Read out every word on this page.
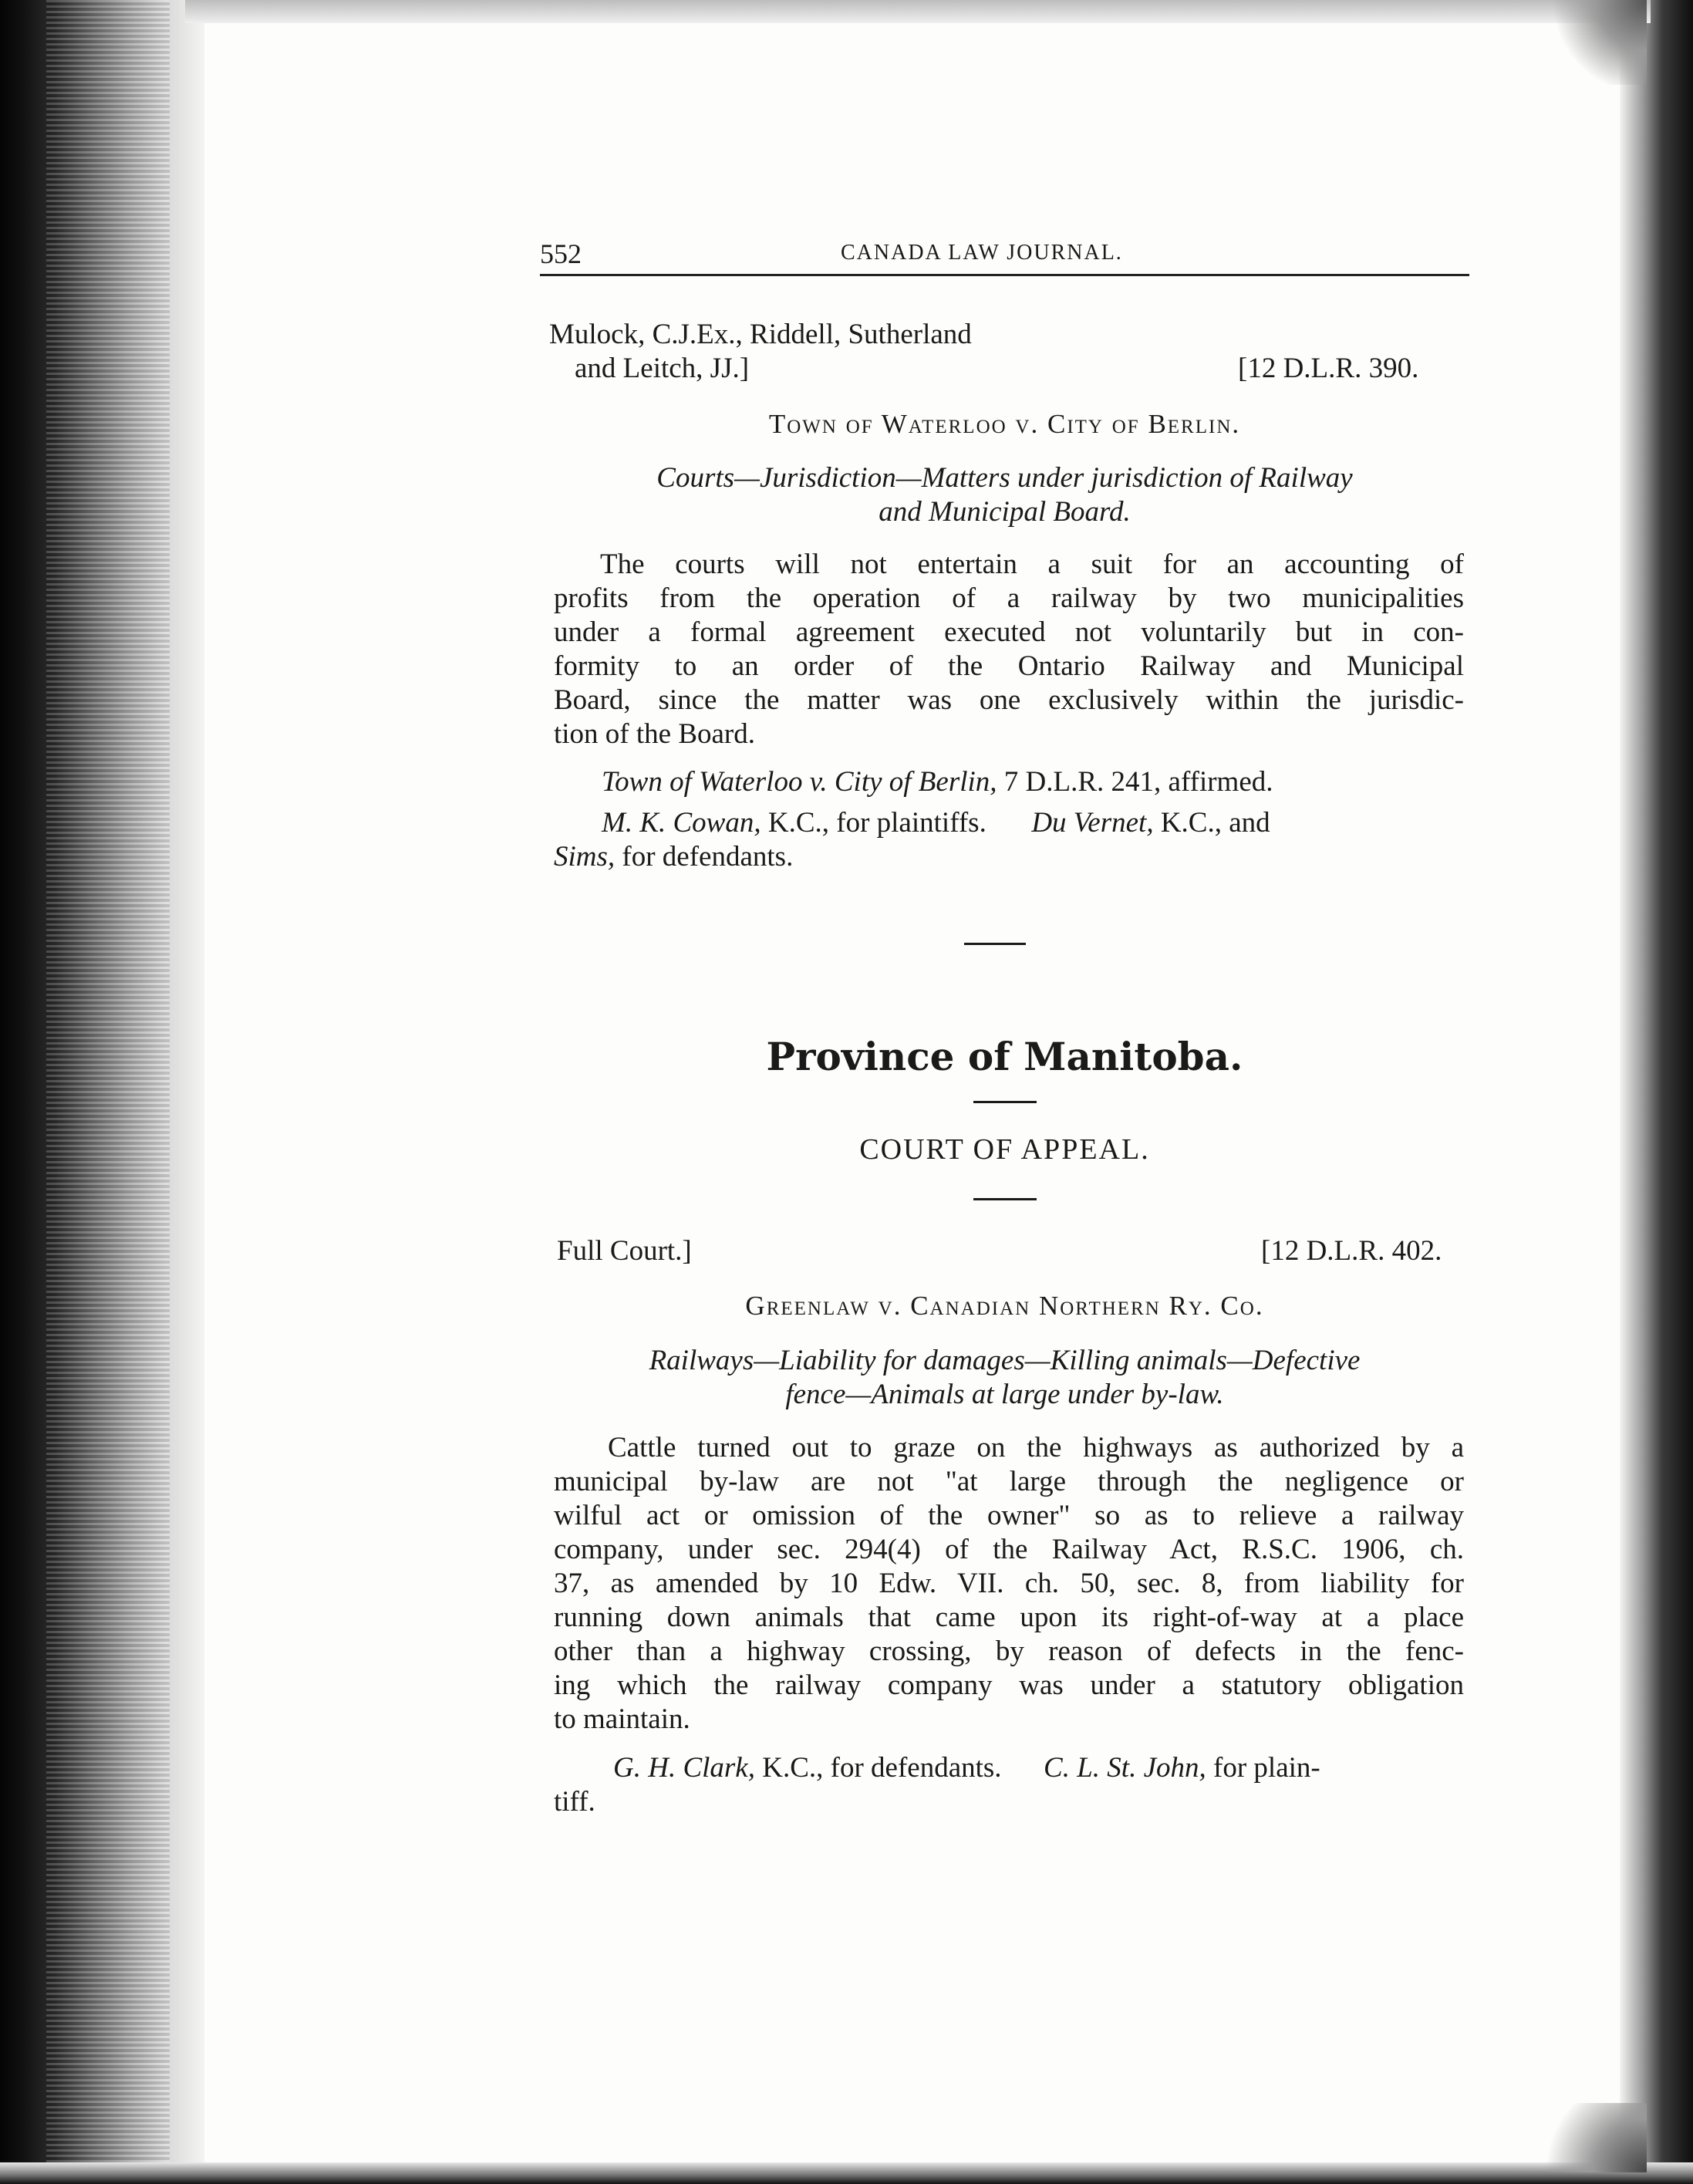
552	CANADA LAW JOURNAL.
Mulock, C.J.Ex., Riddell, Sutherland
and Leitch, JJ.]	[12 D.L.R. 390.
Town of Waterloo v. City of Berlin.
Courts—Jurisdiction—Matters under jurisdiction of Railway
and Municipal Board.
The courts will not entertain a suit for an accounting of
profits from the operation of a railway by two municipalities
under a formal agreement executed not voluntarily but in con-
formity to an order of the Ontario Railway and Municipal
Board, since the matter was one exclusively within the jurisdic-
tion of the Board.
Town of Waterloo v. City of Berlin, 7 D.L.R. 241, affirmed.
M. K. Cowan, K.C., for plaintiffs. Du Vernet, K.C., and
Sims, for defendants.
Province of Manitoba.
COURT OF APPEAL.
Full Court.]	[12 D.L.R. 402.
Greenlaw v. Canadian Northern Ry. Co.
Railways—Liability for damages—Killing animals—Defective
fence—Animals at large under by-law.
Cattle turned out to graze on the highways as authorized by a
municipal by-law are not "at large through the negligence or
wilful act or omission of the owner" so as to relieve a railway
company, under sec. 294(4) of the Railway Act, R.S.C. 1906, ch.
37, as amended by 10 Edw. VII. ch. 50, sec. 8, from liability for
running down animals that came upon its right-of-way at a place
other than a highway crossing, by reason of defects in the fenc-
ing which the railway company was under a statutory obligation
to maintain.
G. H. Clark, K.C., for defendants. C. L. St. John, for plain-
tiff.
